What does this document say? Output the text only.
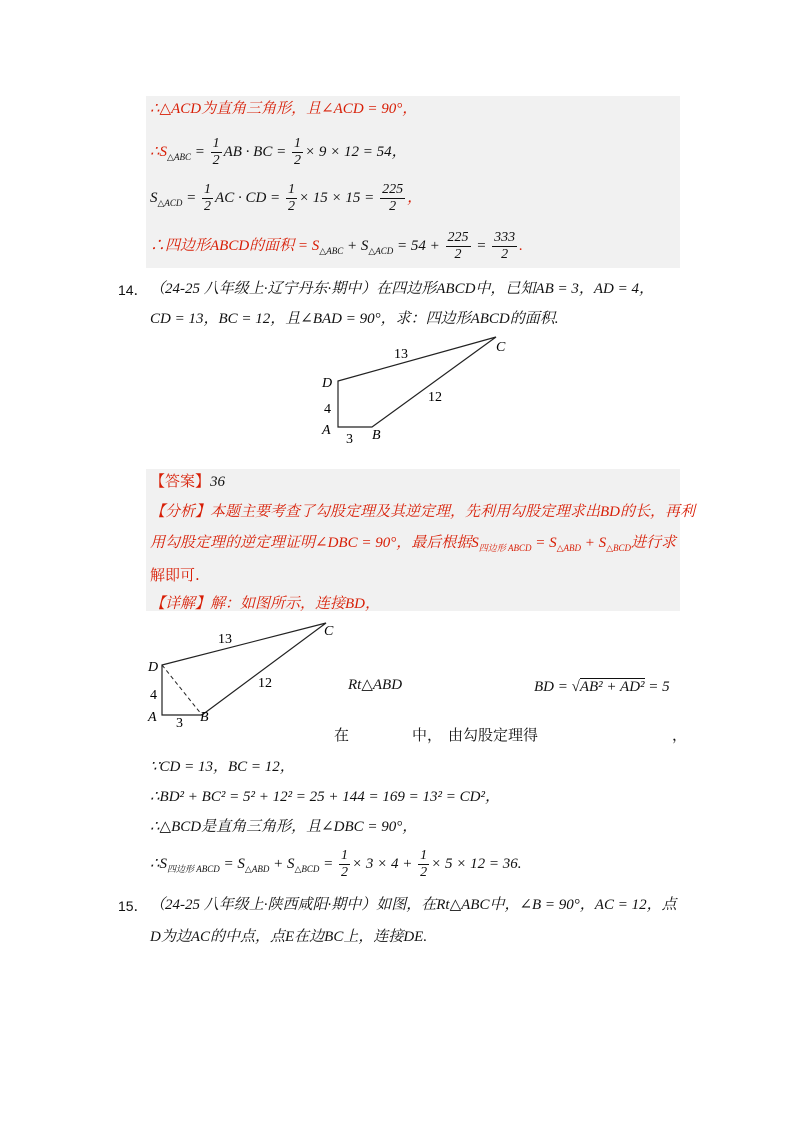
∴△ACD为直角三角形，且∠ACD = 90°，
$\therefore S_{\triangle ABC} = \frac{1}{2}$ AB · BC = $\frac{1}{2} \times 9 \times 12 = 54$，
$S_{\triangle ACD} = \frac{1}{2}$ AC · CD = $\frac{1}{2} \times 15 \times 15 = \frac{225}{2}$ ，
∴四边形ABCD的面积 = $S_{\triangle ABC} + S_{\triangle ACD} = 54 + \frac{225}{2} = \frac{333}{2}$ .
14． （24-25 八年级上·辽宁丹东·期中）在四边形ABCD中，已知AB = 3，AD = 4，
CD = 13，BC = 12，且∠BAD = 90°，求：四边形ABCD的面积.
13
12
4
3
A	B
C
D
【答案】36
【分析】本题主要考查了勾股定理及其逆定理，先利用勾股定理求出BD的长，再利
用勾股定理的逆定理证明∠DBC = 90°，最后根据$S_{四边形 ABCD} = S_{\triangle ABD} + S_{\triangle BCD}$进行求
解即可.
【详解】解：如图所示，连接BD，
13
12
4
3
A	B
C
D
Rt△ABD	BD = √AB² + AD² = 5
在	中， 由勾股定理得	，
∵CD = 13，BC = 12，
∴BD² + BC² = 5² + 12² = 25 + 144 = 169 = 13² = CD²，
∴△BCD是直角三角形，且∠DBC = 90°，
$\therefore S_{四边形 ABCD} = S_{\triangle ABD} + S_{\triangle BCD} = \frac{1}{2} \times 3 \times 4 + \frac{1}{2} \times 5 \times 12 = 36$.
15． （24-25 八年级上·陕西咸阳·期中）如图，在Rt△ABC中，∠B = 90°，AC = 12，点
D为边AC的中点，点E在边BC上，连接DE.
